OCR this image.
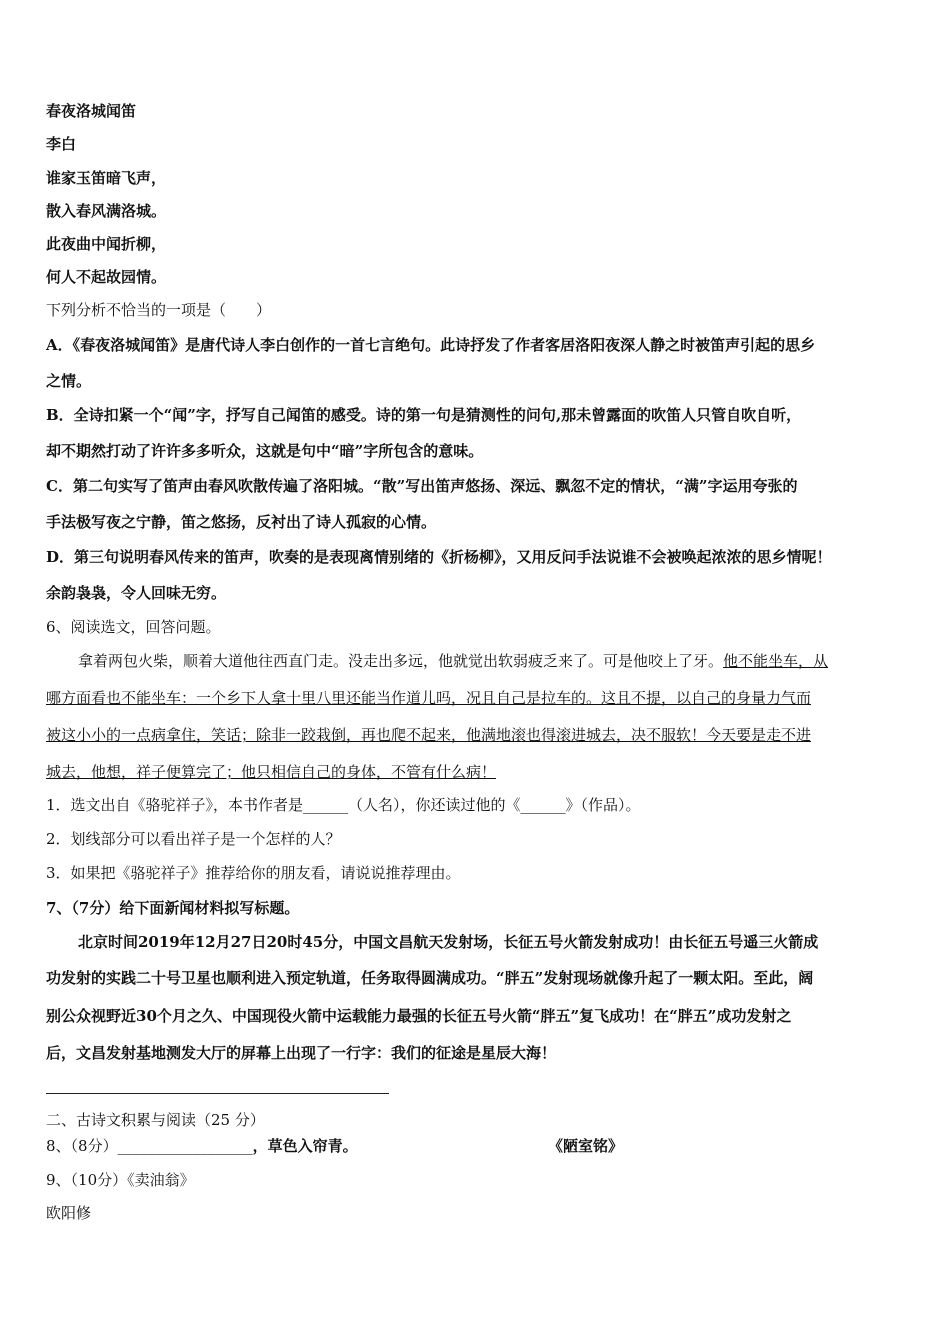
春夜洛城闻笛
李白
谁家玉笛暗飞声，
散入春风满洛城。
此夜曲中闻折柳，
何人不起故园情。
下列分析不恰当的一项是（　　）
A．《春夜洛城闻笛》是唐代诗人李白创作的一首七言绝句。此诗抒发了作者客居洛阳夜深人静之时被笛声引起的思乡
之情。
B．全诗扣紧一个“闻”字，抒写自己闻笛的感受。诗的第一句是猜测性的问句,那未曾露面的吹笛人只管自吹自听，
却不期然打动了许许多多听众，这就是句中“暗”字所包含的意味。
C．第二句实写了笛声由春风吹散传遍了洛阳城。“散”写出笛声悠扬、深远、飘忽不定的情状，“满”字运用夸张的
手法极写夜之宁静，笛之悠扬，反衬出了诗人孤寂的心情。
D．第三句说明春风传来的笛声，吹奏的是表现离情别绪的《折杨柳》，又用反问手法说谁不会被唤起浓浓的思乡情呢！
余韵袅袅，令人回味无穷。
6、阅读选文，回答问题。
拿着两包火柴，顺着大道他往西直门走。没走出多远，他就觉出软弱疲乏来了。可是他咬上了牙。他不能坐车，从
哪方面看也不能坐车：一个乡下人拿十里八里还能当作道儿吗，况且自己是拉车的。这且不提，以自己的身量力气而
被这小小的一点病拿住，笑话；除非一跤栽倒，再也爬不起来，他满地滚也得滚进城去，决不服软！今天要是走不进
城去，他想，祥子便算完了；他只相信自己的身体，不管有什么病！
1．选文出自《骆驼祥子》，本书作者是______（人名），你还读过他的《______》（作品）。
2．划线部分可以看出祥子是一个怎样的人？
3．如果把《骆驼祥子》推荐给你的朋友看，请说说推荐理由。
7、（7分）给下面新闻材料拟写标题。
北京时间2019年12月27日20时45分，中国文昌航天发射场，长征五号火箭发射成功！由长征五号遥三火箭成
功发射的实践二十号卫星也顺利进入预定轨道，任务取得圆满成功。“胖五”发射现场就像升起了一颗太阳。至此，阔
别公众视野近30个月之久、中国现役火箭中运载能力最强的长征五号火箭“胖五”复飞成功！在“胖五”成功发射之
后，文昌发射基地测发大厅的屏幕上出现了一行字：我们的征途是星辰大海！
二、古诗文积累与阅读（25 分）
8、（8分）__________________，草色入帘青。	《陋室铭》
9、（10分）《卖油翁》
欧阳修
